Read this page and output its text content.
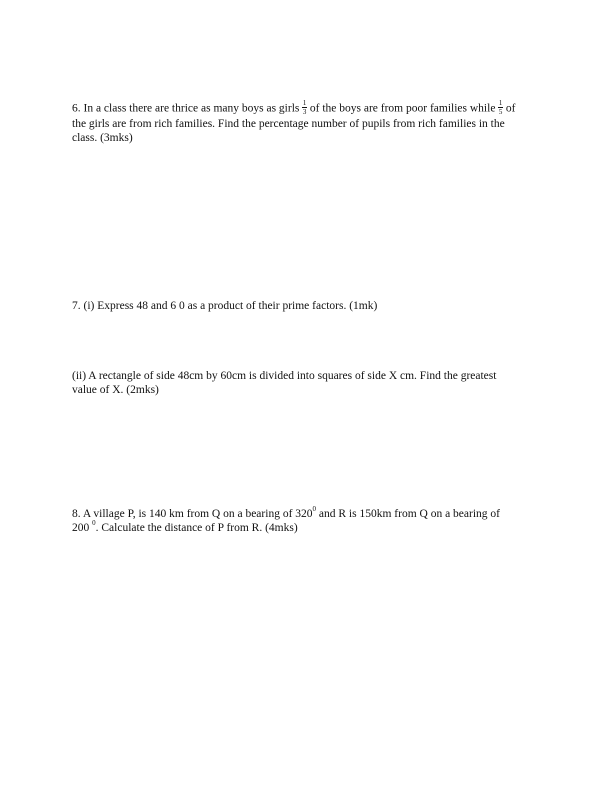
6. In a class there are thrice as many boys as girls $\frac{1}{3}$ of the boys are from poor families while $\frac{1}{5}$ of
the girls are from rich families. Find the percentage number of pupils from rich families in the
class. (3mks)
7. (i) Express 48 and 6 0 as a product of their prime factors. (1mk)
(ii) A rectangle of side 48cm by 60cm is divided into squares of side X cm. Find the greatest
value of X. (2mks)
8. A village P, is 140 km from Q on a bearing of $320^0$ and R is 150km from Q on a bearing of
200 $^0$. Calculate the distance of P from R. (4mks)
